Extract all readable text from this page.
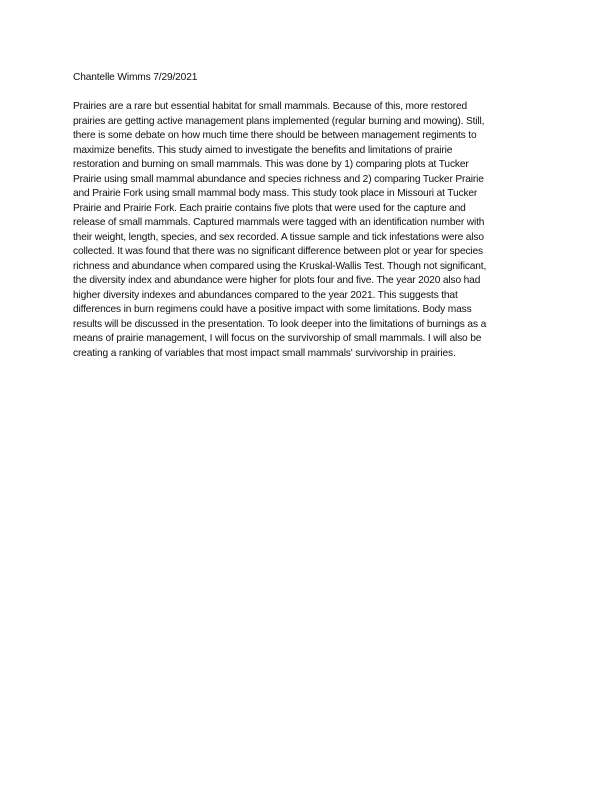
Chantelle Wimms 7/29/2021

Prairies are a rare but essential habitat for small mammals. Because of this, more restored
prairies are getting active management plans implemented (regular burning and mowing). Still,
there is some debate on how much time there should be between management regiments to
maximize benefits. This study aimed to investigate the benefits and limitations of prairie
restoration and burning on small mammals. This was done by 1) comparing plots at Tucker
Prairie using small mammal abundance and species richness and 2) comparing Tucker Prairie
and Prairie Fork using small mammal body mass. This study took place in Missouri at Tucker
Prairie and Prairie Fork. Each prairie contains five plots that were used for the capture and
release of small mammals. Captured mammals were tagged with an identification number with
their weight, length, species, and sex recorded. A tissue sample and tick infestations were also
collected. It was found that there was no significant difference between plot or year for species
richness and abundance when compared using the Kruskal-Wallis Test. Though not significant,
the diversity index and abundance were higher for plots four and five. The year 2020 also had
higher diversity indexes and abundances compared to the year 2021. This suggests that
differences in burn regimens could have a positive impact with some limitations. Body mass
results will be discussed in the presentation. To look deeper into the limitations of burnings as a
means of prairie management, I will focus on the survivorship of small mammals. I will also be
creating a ranking of variables that most impact small mammals' survivorship in prairies.
